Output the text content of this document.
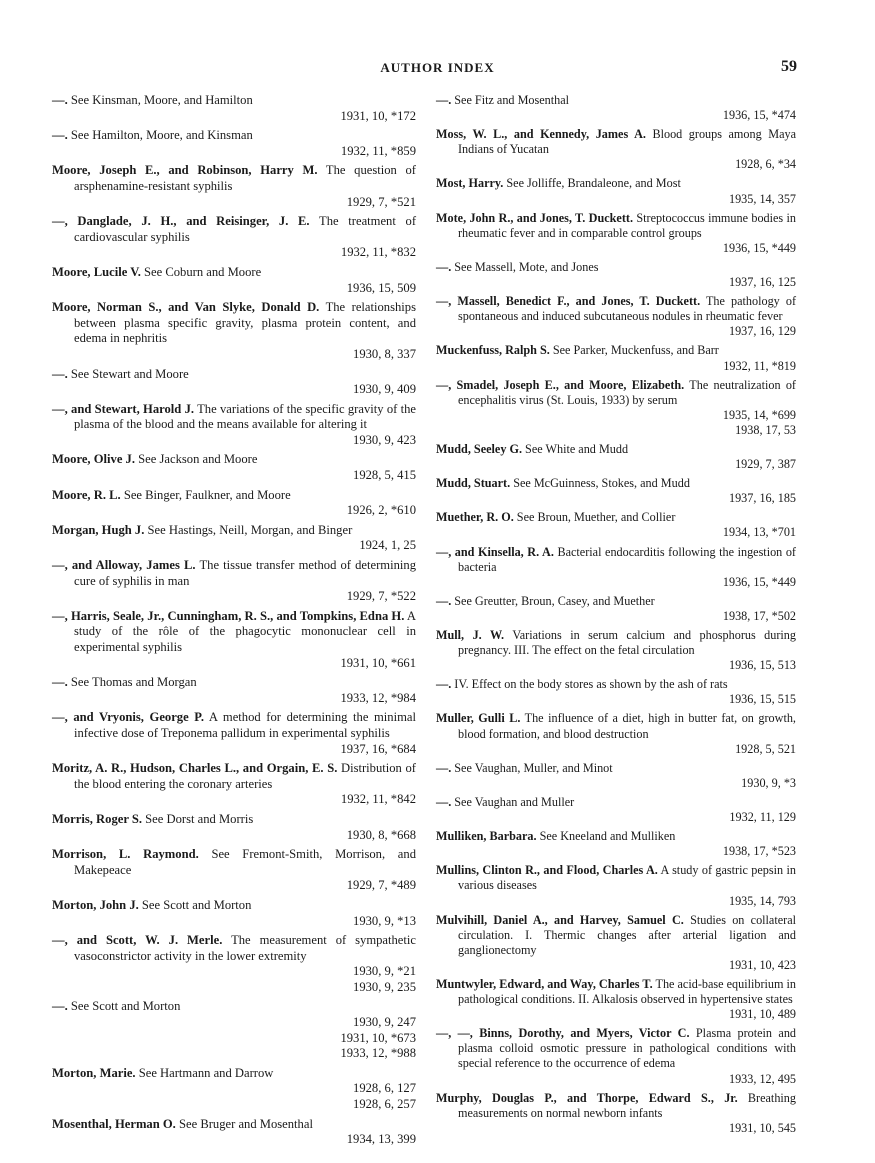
AUTHOR INDEX	59
—. See Kinsman, Moore, and Hamilton
1931, 10, *172
—. See Hamilton, Moore, and Kinsman
1932, 11, *859
Moore, Joseph E., and Robinson, Harry M. The question of arsphenamine-resistant syphilis
1929, 7, *521
—, Danglade, J. H., and Reisinger, J. E. The treatment of cardiovascular syphilis
1932, 11, *832
Moore, Lucile V. See Coburn and Moore
1936, 15, 509
Moore, Norman S., and Van Slyke, Donald D. The relationships between plasma specific gravity, plasma protein content, and edema in nephritis
1930, 8, 337
—. See Stewart and Moore
1930, 9, 409
—, and Stewart, Harold J. The variations of the specific gravity of the plasma of the blood and the means available for altering it
1930, 9, 423
Moore, Olive J. See Jackson and Moore
1928, 5, 415
Moore, R. L. See Binger, Faulkner, and Moore
1926, 2, *610
Morgan, Hugh J. See Hastings, Neill, Morgan, and Binger
1924, 1, 25
—, and Alloway, James L. The tissue transfer method of determining cure of syphilis in man
1929, 7, *522
—, Harris, Seale, Jr., Cunningham, R. S., and Tompkins, Edna H. A study of the rôle of the phagocytic mononuclear cell in experimental syphilis
1931, 10, *661
—. See Thomas and Morgan
1933, 12, *984
—, and Vryonis, George P. A method for determining the minimal infective dose of Treponema pallidum in experimental syphilis
1937, 16, *684
Moritz, A. R., Hudson, Charles L., and Orgain, E. S. Distribution of the blood entering the coronary arteries
1932, 11, *842
Morris, Roger S. See Dorst and Morris
1930, 8, *668
Morrison, L. Raymond. See Fremont-Smith, Morrison, and Makepeace
1929, 7, *489
Morton, John J. See Scott and Morton
1930, 9, *13
—, and Scott, W. J. Merle. The measurement of sympathetic vasoconstrictor activity in the lower extremity
1930, 9, *21
1930, 9, 235
—. See Scott and Morton
1930, 9, 247
1931, 10, *673
1933, 12, *988
Morton, Marie. See Hartmann and Darrow
1928, 6, 127
1928, 6, 257
Mosenthal, Herman O. See Bruger and Mosenthal
1934, 13, 399
—. See Fitz and Mosenthal
1936, 15, *474
Moss, W. L., and Kennedy, James A. Blood groups among Maya Indians of Yucatan
1928, 6, *34
Most, Harry. See Jolliffe, Brandaleone, and Most
1935, 14, 357
Mote, John R., and Jones, T. Duckett. Streptococcus immune bodies in rheumatic fever and in comparable control groups
1936, 15, *449
—. See Massell, Mote, and Jones
1937, 16, 125
—, Massell, Benedict F., and Jones, T. Duckett. The pathology of spontaneous and induced subcutaneous nodules in rheumatic fever
1937, 16, 129
Muckenfuss, Ralph S. See Parker, Muckenfuss, and Barr
1932, 11, *819
—, Smadel, Joseph E., and Moore, Elizabeth. The neutralization of encephalitis virus (St. Louis, 1933) by serum
1935, 14, *699
1938, 17, 53
Mudd, Seeley G. See White and Mudd
1929, 7, 387
Mudd, Stuart. See McGuinness, Stokes, and Mudd
1937, 16, 185
Muether, R. O. See Broun, Muether, and Collier
1934, 13, *701
—, and Kinsella, R. A. Bacterial endocarditis following the ingestion of bacteria
1936, 15, *449
—. See Greutter, Broun, Casey, and Muether
1938, 17, *502
Mull, J. W. Variations in serum calcium and phosphorus during pregnancy. III. The effect on the fetal circulation
1936, 15, 513
—. IV. Effect on the body stores as shown by the ash of rats
1936, 15, 515
Muller, Gulli L. The influence of a diet, high in butter fat, on growth, blood formation, and blood destruction
1928, 5, 521
—. See Vaughan, Muller, and Minot
1930, 9, *3
—. See Vaughan and Muller
1932, 11, 129
Mulliken, Barbara. See Kneeland and Mulliken
1938, 17, *523
Mullins, Clinton R., and Flood, Charles A. A study of gastric pepsin in various diseases
1935, 14, 793
Mulvihill, Daniel A., and Harvey, Samuel C. Studies on collateral circulation. I. Thermic changes after arterial ligation and ganglionectomy
1931, 10, 423
Muntwyler, Edward, and Way, Charles T. The acid-base equilibrium in pathological conditions. II. Alkalosis observed in hypertensive states
1931, 10, 489
—, —, Binns, Dorothy, and Myers, Victor C. Plasma protein and plasma colloid osmotic pressure in pathological conditions with special reference to the occurrence of edema
1933, 12, 495
Murphy, Douglas P., and Thorpe, Edward S., Jr. Breathing measurements on normal newborn infants
1931, 10, 545
